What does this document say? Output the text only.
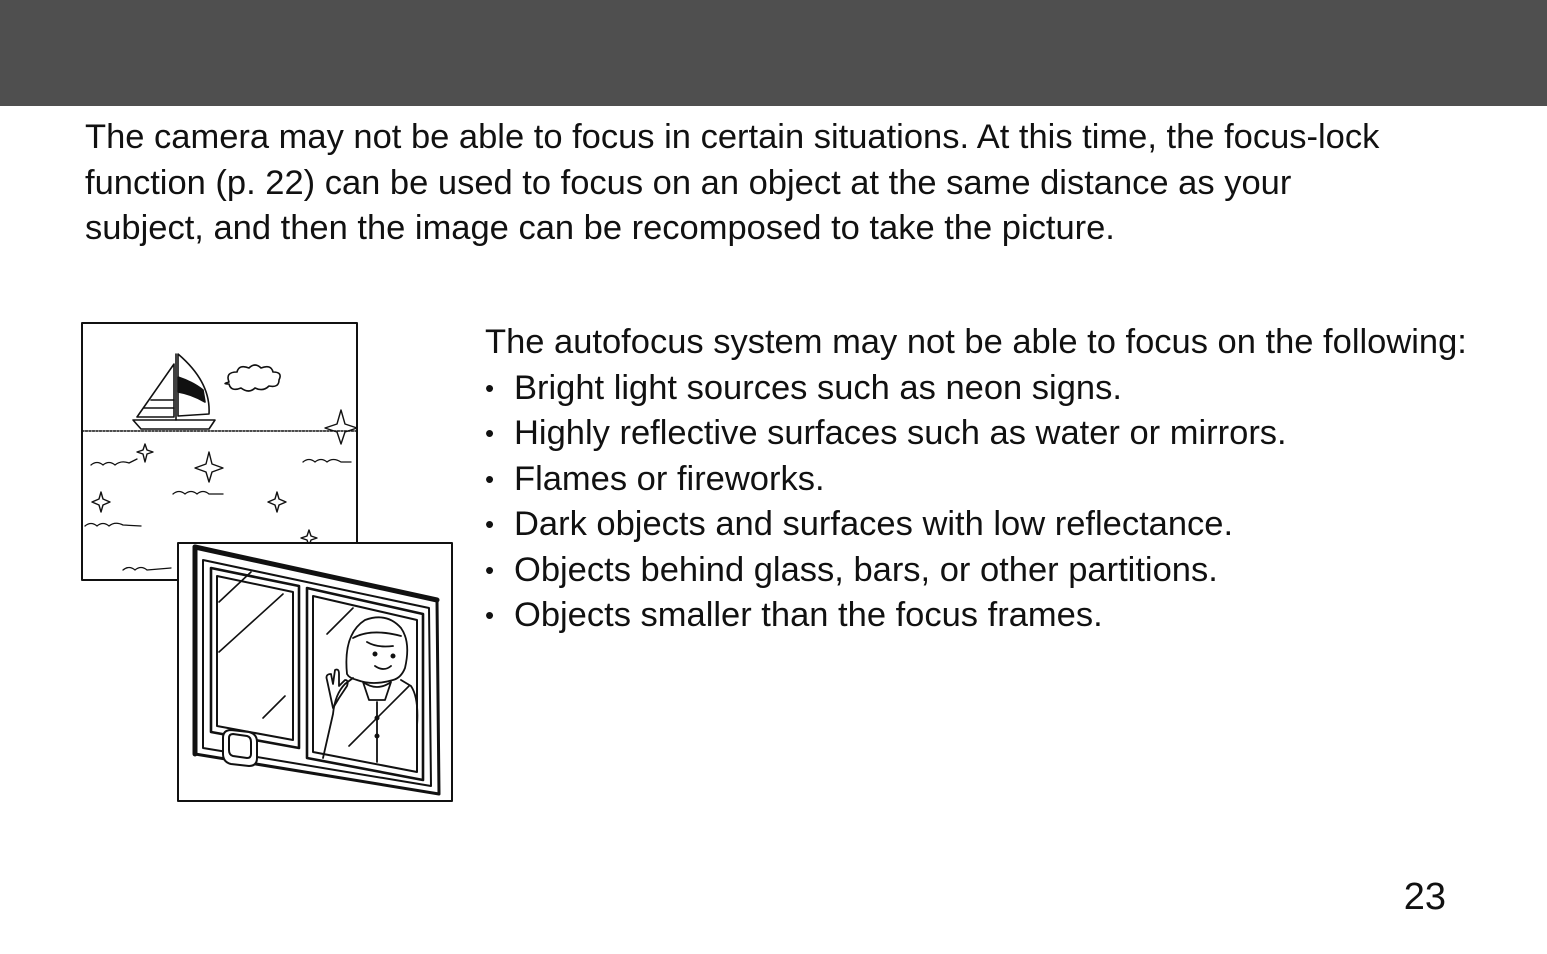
The camera may not be able to focus in certain situations. At this time, the focus-lock function (p. 22) can be used to focus on an object at the same distance as your subject, and then the image can be recomposed to take the picture.

The autofocus system may not be able to focus on the following:

• Bright light sources such as neon signs.
• Highly reflective surfaces such as water or mirrors.
• Flames or fireworks.
• Dark objects and surfaces with low reflectance.
• Objects behind glass, bars, or other partitions.
• Objects smaller than the focus frames.
23
